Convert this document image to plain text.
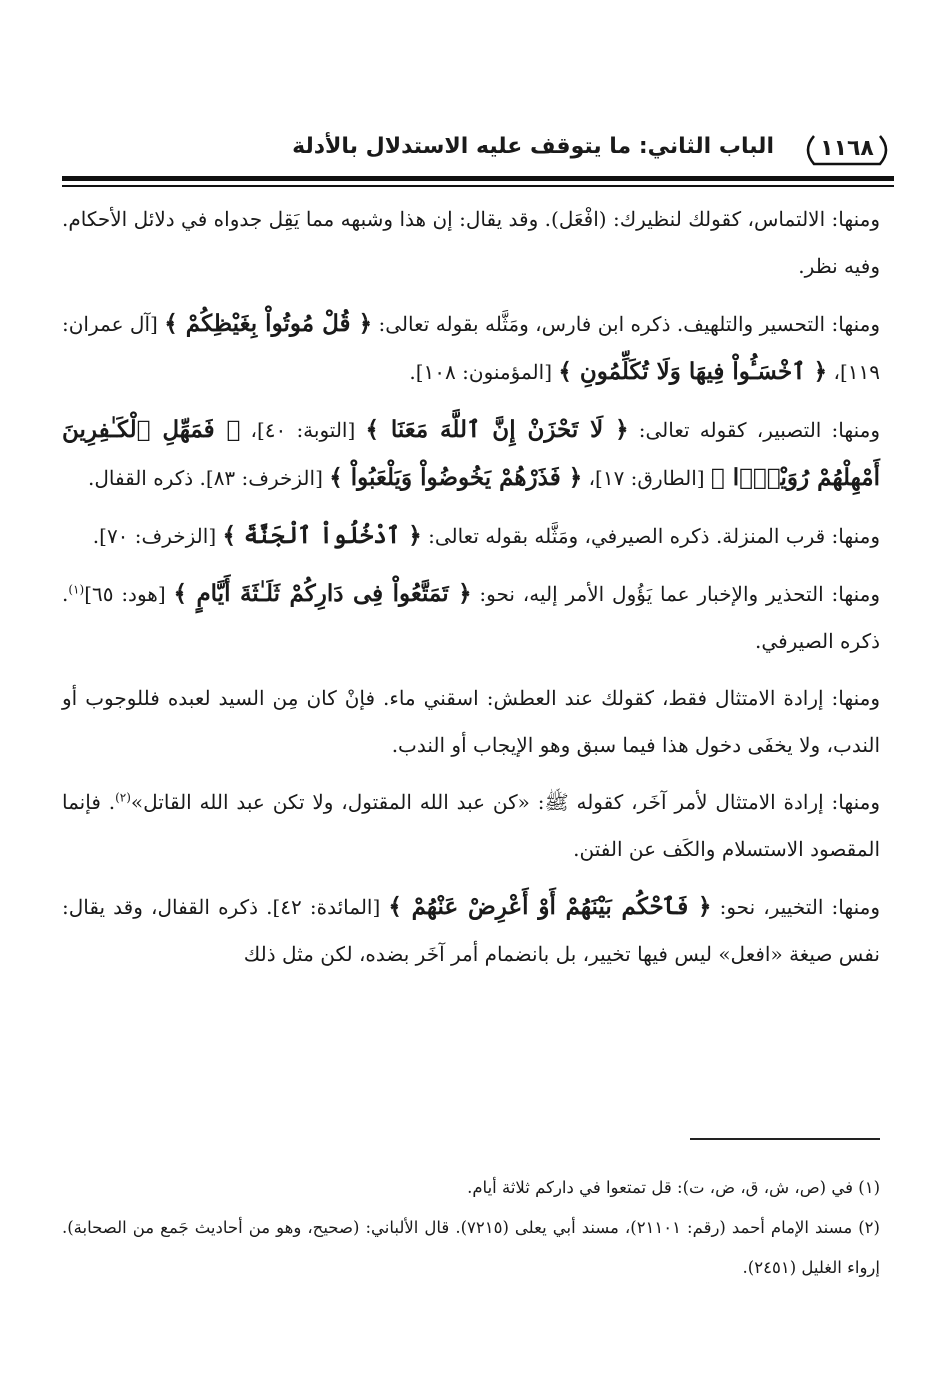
١١٦٨
الباب الثاني: ما يتوقف عليه الاستدلال بالأدلة

ومنها: الالتماس، كقولك لنظيرك: (افْعَل). وقد يقال: إن هذا وشبهه مما يَقِل جدواه في دلائل الأحكام. وفيه نظر.

ومنها: التحسير والتلهيف. ذكره ابن فارس، ومَثَّله بقوله تعالى: ﴿ قُلْ مُوتُواْ بِغَيْظِكُمْ ﴾ [آل عمران: ١١٩]، ﴿ ٱخْسَـُٔواْ فِيهَا وَلَا تُكَلِّمُونِ ﴾ [المؤمنون: ١٠٨].

ومنها: التصبير، كقوله تعالى: ﴿ لَا تَحْزَنْ إِنَّ ٱللَّهَ مَعَنَا ﴾ [التوبة: ٤٠]، ﴿ فَمَهِّلِ ٱلْكَـٰفِرِينَ أَمْهِلْهُمْ رُوَيْدًۢا ﴾ [الطارق: ١٧]، ﴿ فَذَرْهُمْ يَخُوضُواْ وَيَلْعَبُواْ ﴾ [الزخرف: ٨٣]. ذكره القفال.

ومنها: قرب المنزلة. ذكره الصيرفي، ومَثَّله بقوله تعالى: ﴿ ٱدْخُلُواْ ٱلْجَنَّةَ ﴾ [الزخرف: ٧٠].

ومنها: التحذير والإخبار عما يَؤُول الأمر إليه، نحو: ﴿ تَمَتَّعُواْ فِى دَارِكُمْ ثَلَـٰثَةَ أَيَّامٍ ﴾ [هود: ٦٥]$^{(١)}$. ذكره الصيرفي.

ومنها: إرادة الامتثال فقط، كقولك عند العطش: اسقني ماء. فإنْ كان مِن السيد لعبده فللوجوب أو الندب، ولا يخفَى دخول هذا فيما سبق وهو الإيجاب أو الندب.

ومنها: إرادة الامتثال لأمر آخَر، كقوله ﷺ: «كن عبد الله المقتول، ولا تكن عبد الله القاتل»$^{(٢)}$. فإنما المقصود الاستسلام والكَف عن الفتن.

ومنها: التخيير، نحو: ﴿ فَٱحْكُم بَيْنَهُمْ أَوْ أَعْرِضْ عَنْهُمْ ﴾ [المائدة: ٤٢]. ذكره القفال، وقد يقال: نفس صيغة «افعل» ليس فيها تخيير، بل بانضمام أمر آخَر بضده، لكن مثل ذلك

(١) في (ص، ش، ق، ض، ت): قل تمتعوا في داركم ثلاثة أيام.

(٢) مسند الإمام أحمد (رقم: ٢١١٠١)، مسند أبي يعلى (٧٢١٥). قال الألباني: (صحيح، وهو من أحاديث جَمع من الصحابة). إرواء الغليل (٢٤٥١).
